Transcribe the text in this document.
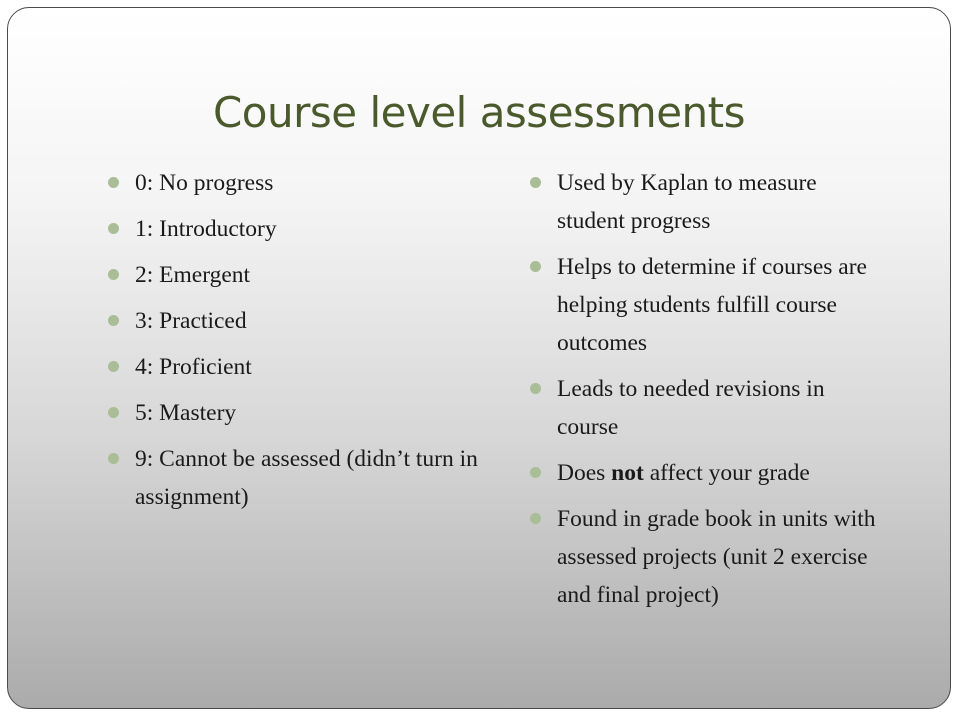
Course level assessments
0: No progress
1: Introductory
2: Emergent
3: Practiced
4: Proficient
5: Mastery
9: Cannot be assessed (didn’t turn in assignment)
Used by Kaplan to measure student progress
Helps to determine if courses are helping students fulfill course outcomes
Leads to needed revisions in course
Does not affect your grade
Found in grade book in units with assessed projects (unit 2 exercise and final project)
